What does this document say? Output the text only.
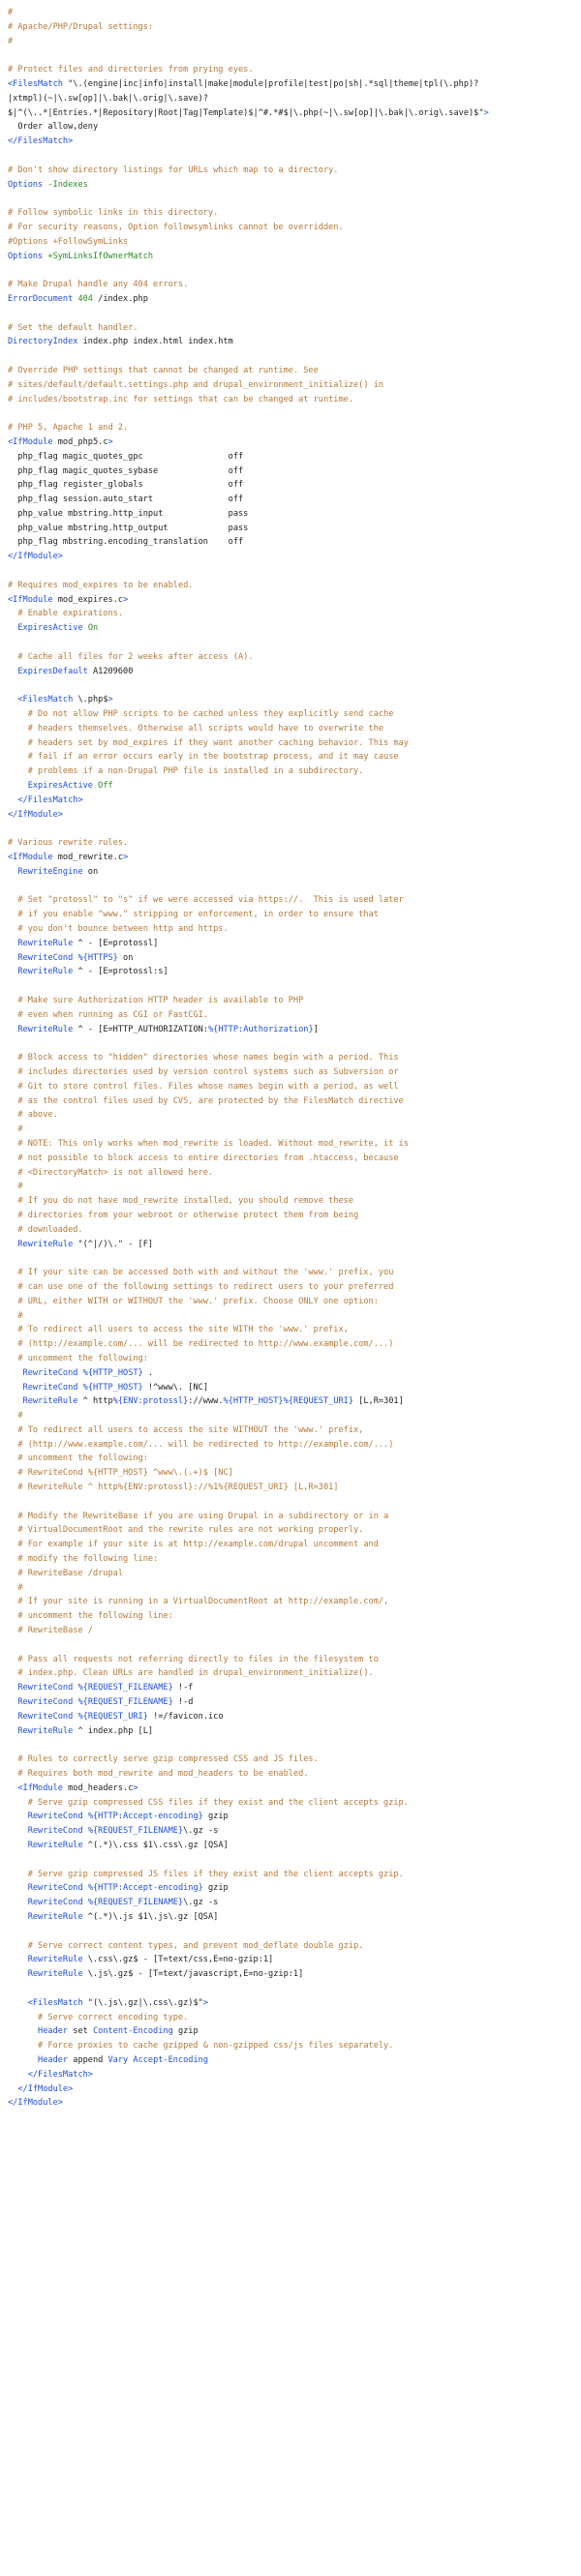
#
# Apache/PHP/Drupal settings:
#

# Protect files and directories from prying eyes.
<FilesMatch "\.(engine|inc|info|install|make|module|profile|test|po|sh|.*sql|theme|tpl(\.php)?
|xtmpl)(~|\.sw[op]|\.bak|\.orig|\.save)?
$|^(\..*|Entries.*|Repository|Root|Tag|Template)$|^#.*#$|\.php(~|\.sw[op]|\.bak|\.orig\.save)$">
Order allow,deny
</FilesMatch>

# Don't show directory listings for URLs which map to a directory.
Options -Indexes

# Follow symbolic links in this directory.
# For security reasons, Option followsymlinks cannot be overridden.
#Options +FollowSymLinks
Options +SymLinksIfOwnerMatch

# Make Drupal handle any 404 errors.
ErrorDocument 404 /index.php

# Set the default handler.
DirectoryIndex index.php index.html index.htm

# Override PHP settings that cannot be changed at runtime. See
# sites/default/default.settings.php and drupal_environment_initialize() in
# includes/bootstrap.inc for settings that can be changed at runtime.

# PHP 5, Apache 1 and 2.
<IfModule mod_php5.c>
php_flag magic_quotes_gpc                 off
php_flag magic_quotes_sybase              off
php_flag register_globals                 off
php_flag session.auto_start               off
php_value mbstring.http_input             pass
php_value mbstring.http_output            pass
php_flag mbstring.encoding_translation    off
</IfModule>

# Requires mod_expires to be enabled.
<IfModule mod_expires.c>
# Enable expirations.
ExpiresActive On

# Cache all files for 2 weeks after access (A).
ExpiresDefault A1209600

<FilesMatch \.php$>
# Do not allow PHP scripts to be cached unless they explicitly send cache
# headers themselves. Otherwise all scripts would have to overwrite the
# headers set by mod_expires if they want another caching behavior. This may
# fail if an error occurs early in the bootstrap process, and it may cause
# problems if a non-Drupal PHP file is installed in a subdirectory.
ExpiresActive Off
</FilesMatch>
</IfModule>

# Various rewrite rules.
<IfModule mod_rewrite.c>
RewriteEngine on

# Set "protossl" to "s" if we were accessed via https://.  This is used later
# if you enable "www." stripping or enforcement, in order to ensure that
# you don't bounce between http and https.
RewriteRule ^ - [E=protossl]
RewriteCond %{HTTPS} on
RewriteRule ^ - [E=protossl:s]

# Make sure Authorization HTTP header is available to PHP
# even when running as CGI or FastCGI.
RewriteRule ^ - [E=HTTP_AUTHORIZATION:%{HTTP:Authorization}]

# Block access to "hidden" directories whose names begin with a period. This
# includes directories used by version control systems such as Subversion or
# Git to store control files. Files whose names begin with a period, as well
# as the control files used by CVS, are protected by the FilesMatch directive
# above.
#
# NOTE: This only works when mod_rewrite is loaded. Without mod_rewrite, it is
# not possible to block access to entire directories from .htaccess, because
# <DirectoryMatch> is not allowed here.
#
# If you do not have mod_rewrite installed, you should remove these
# directories from your webroot or otherwise protect them from being
# downloaded.
RewriteRule "(^|/)\." - [F]

# If your site can be accessed both with and without the 'www.' prefix, you
# can use one of the following settings to redirect users to your preferred
# URL, either WITH or WITHOUT the 'www.' prefix. Choose ONLY one option:
#
# To redirect all users to access the site WITH the 'www.' prefix,
# (http://example.com/... will be redirected to http://www.example.com/...)
# uncomment the following:
RewriteCond %{HTTP_HOST} .
RewriteCond %{HTTP_HOST} !^www\. [NC]
RewriteRule ^ http%{ENV:protossl}://www.%{HTTP_HOST}%{REQUEST_URI} [L,R=301]
#
# To redirect all users to access the site WITHOUT the 'www.' prefix,
# (http://www.example.com/... will be redirected to http://example.com/...)
# uncomment the following:
# RewriteCond %{HTTP_HOST} ^www\.(.+)$ [NC]
# RewriteRule ^ http%{ENV:protossl}://%1%{REQUEST_URI} [L,R=301]

# Modify the RewriteBase if you are using Drupal in a subdirectory or in a
# VirtualDocumentRoot and the rewrite rules are not working properly.
# For example if your site is at http://example.com/drupal uncomment and
# modify the following line:
# RewriteBase /drupal
#
# If your site is running in a VirtualDocumentRoot at http://example.com/,
# uncomment the following line:
# RewriteBase /

# Pass all requests not referring directly to files in the filesystem to
# index.php. Clean URLs are handled in drupal_environment_initialize().
RewriteCond %{REQUEST_FILENAME} !-f
RewriteCond %{REQUEST_FILENAME} !-d
RewriteCond %{REQUEST_URI} !=/favicon.ico
RewriteRule ^ index.php [L]

# Rules to correctly serve gzip compressed CSS and JS files.
# Requires both mod_rewrite and mod_headers to be enabled.
<IfModule mod_headers.c>
# Serve gzip compressed CSS files if they exist and the client accepts gzip.
RewriteCond %{HTTP:Accept-encoding} gzip
RewriteCond %{REQUEST_FILENAME}\.gz -s
RewriteRule ^(.*)\.css $1\.css\.gz [QSA]

# Serve gzip compressed JS files if they exist and the client accepts gzip.
RewriteCond %{HTTP:Accept-encoding} gzip
RewriteCond %{REQUEST_FILENAME}\.gz -s
RewriteRule ^(.*)\.js $1\.js\.gz [QSA]

# Serve correct content types, and prevent mod_deflate double gzip.
RewriteRule \.css\.gz$ - [T=text/css,E=no-gzip:1]
RewriteRule \.js\.gz$ - [T=text/javascript,E=no-gzip:1]

<FilesMatch "(\.js\.gz|\.css\.gz)$">
# Serve correct encoding type.
Header set Content-Encoding gzip
# Force proxies to cache gzipped & non-gzipped css/js files separately.
Header append Vary Accept-Encoding
</FilesMatch>
</IfModule>
</IfModule>
